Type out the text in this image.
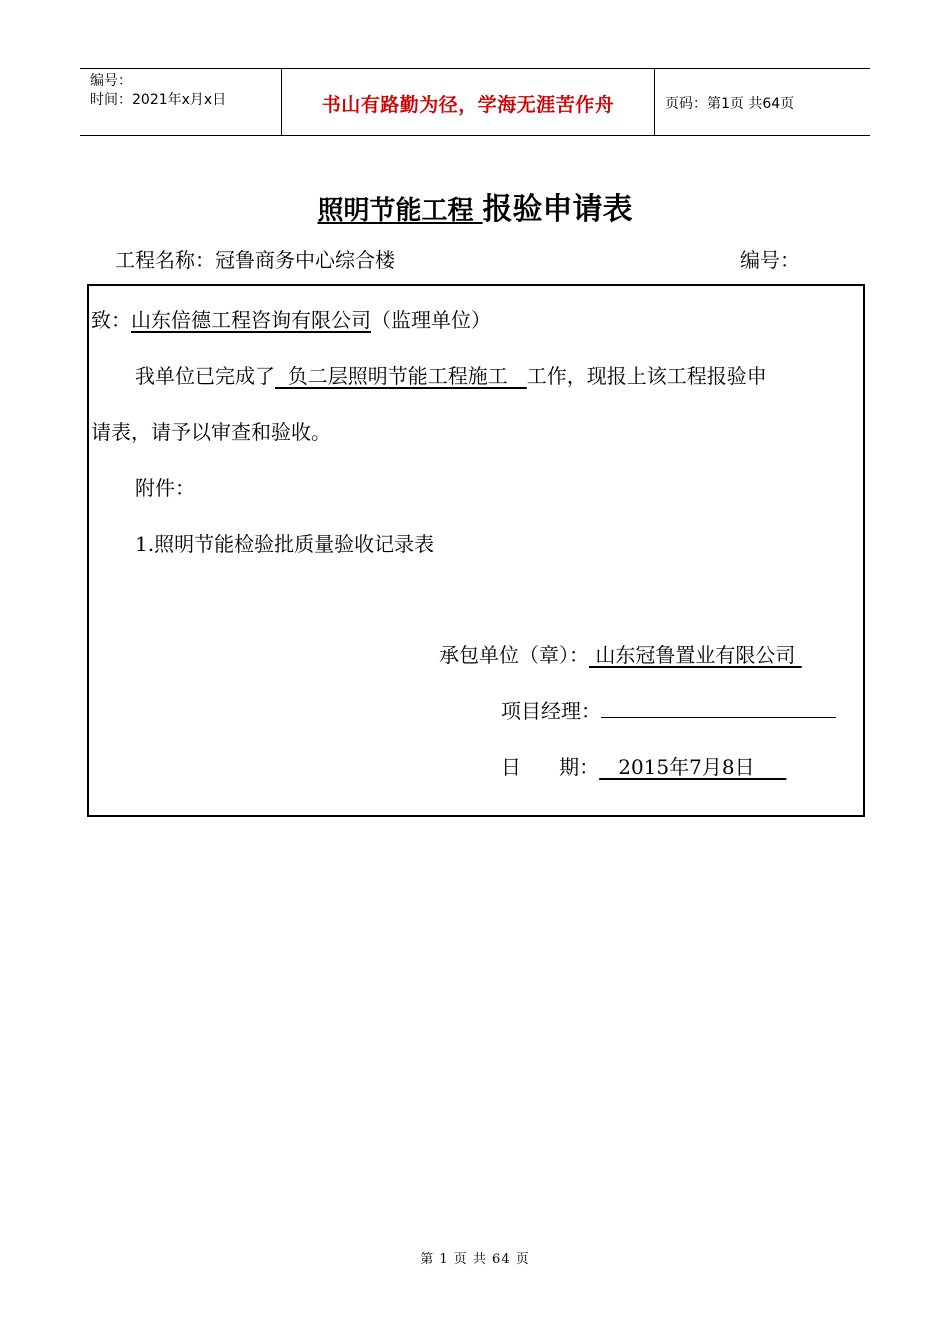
编号：
时间：2021年x月x日	书山有路勤为径，学海无涯苦作舟	页码：第1页 共64页
照明节能工程 报验申请表
工程名称：冠鲁商务中心综合楼	编号：
致：山东倍德工程咨询有限公司（监理单位）
我单位已完成了  负二层照明节能工程施工   工作，现报上该工程报验申
请表，请予以审查和验收。
附件：
1.照明节能检验批质量验收记录表
承包单位（章）： 山东冠鲁置业有限公司
项目经理：
日      期：   2015年7月8日
第 1 页 共 64 页
